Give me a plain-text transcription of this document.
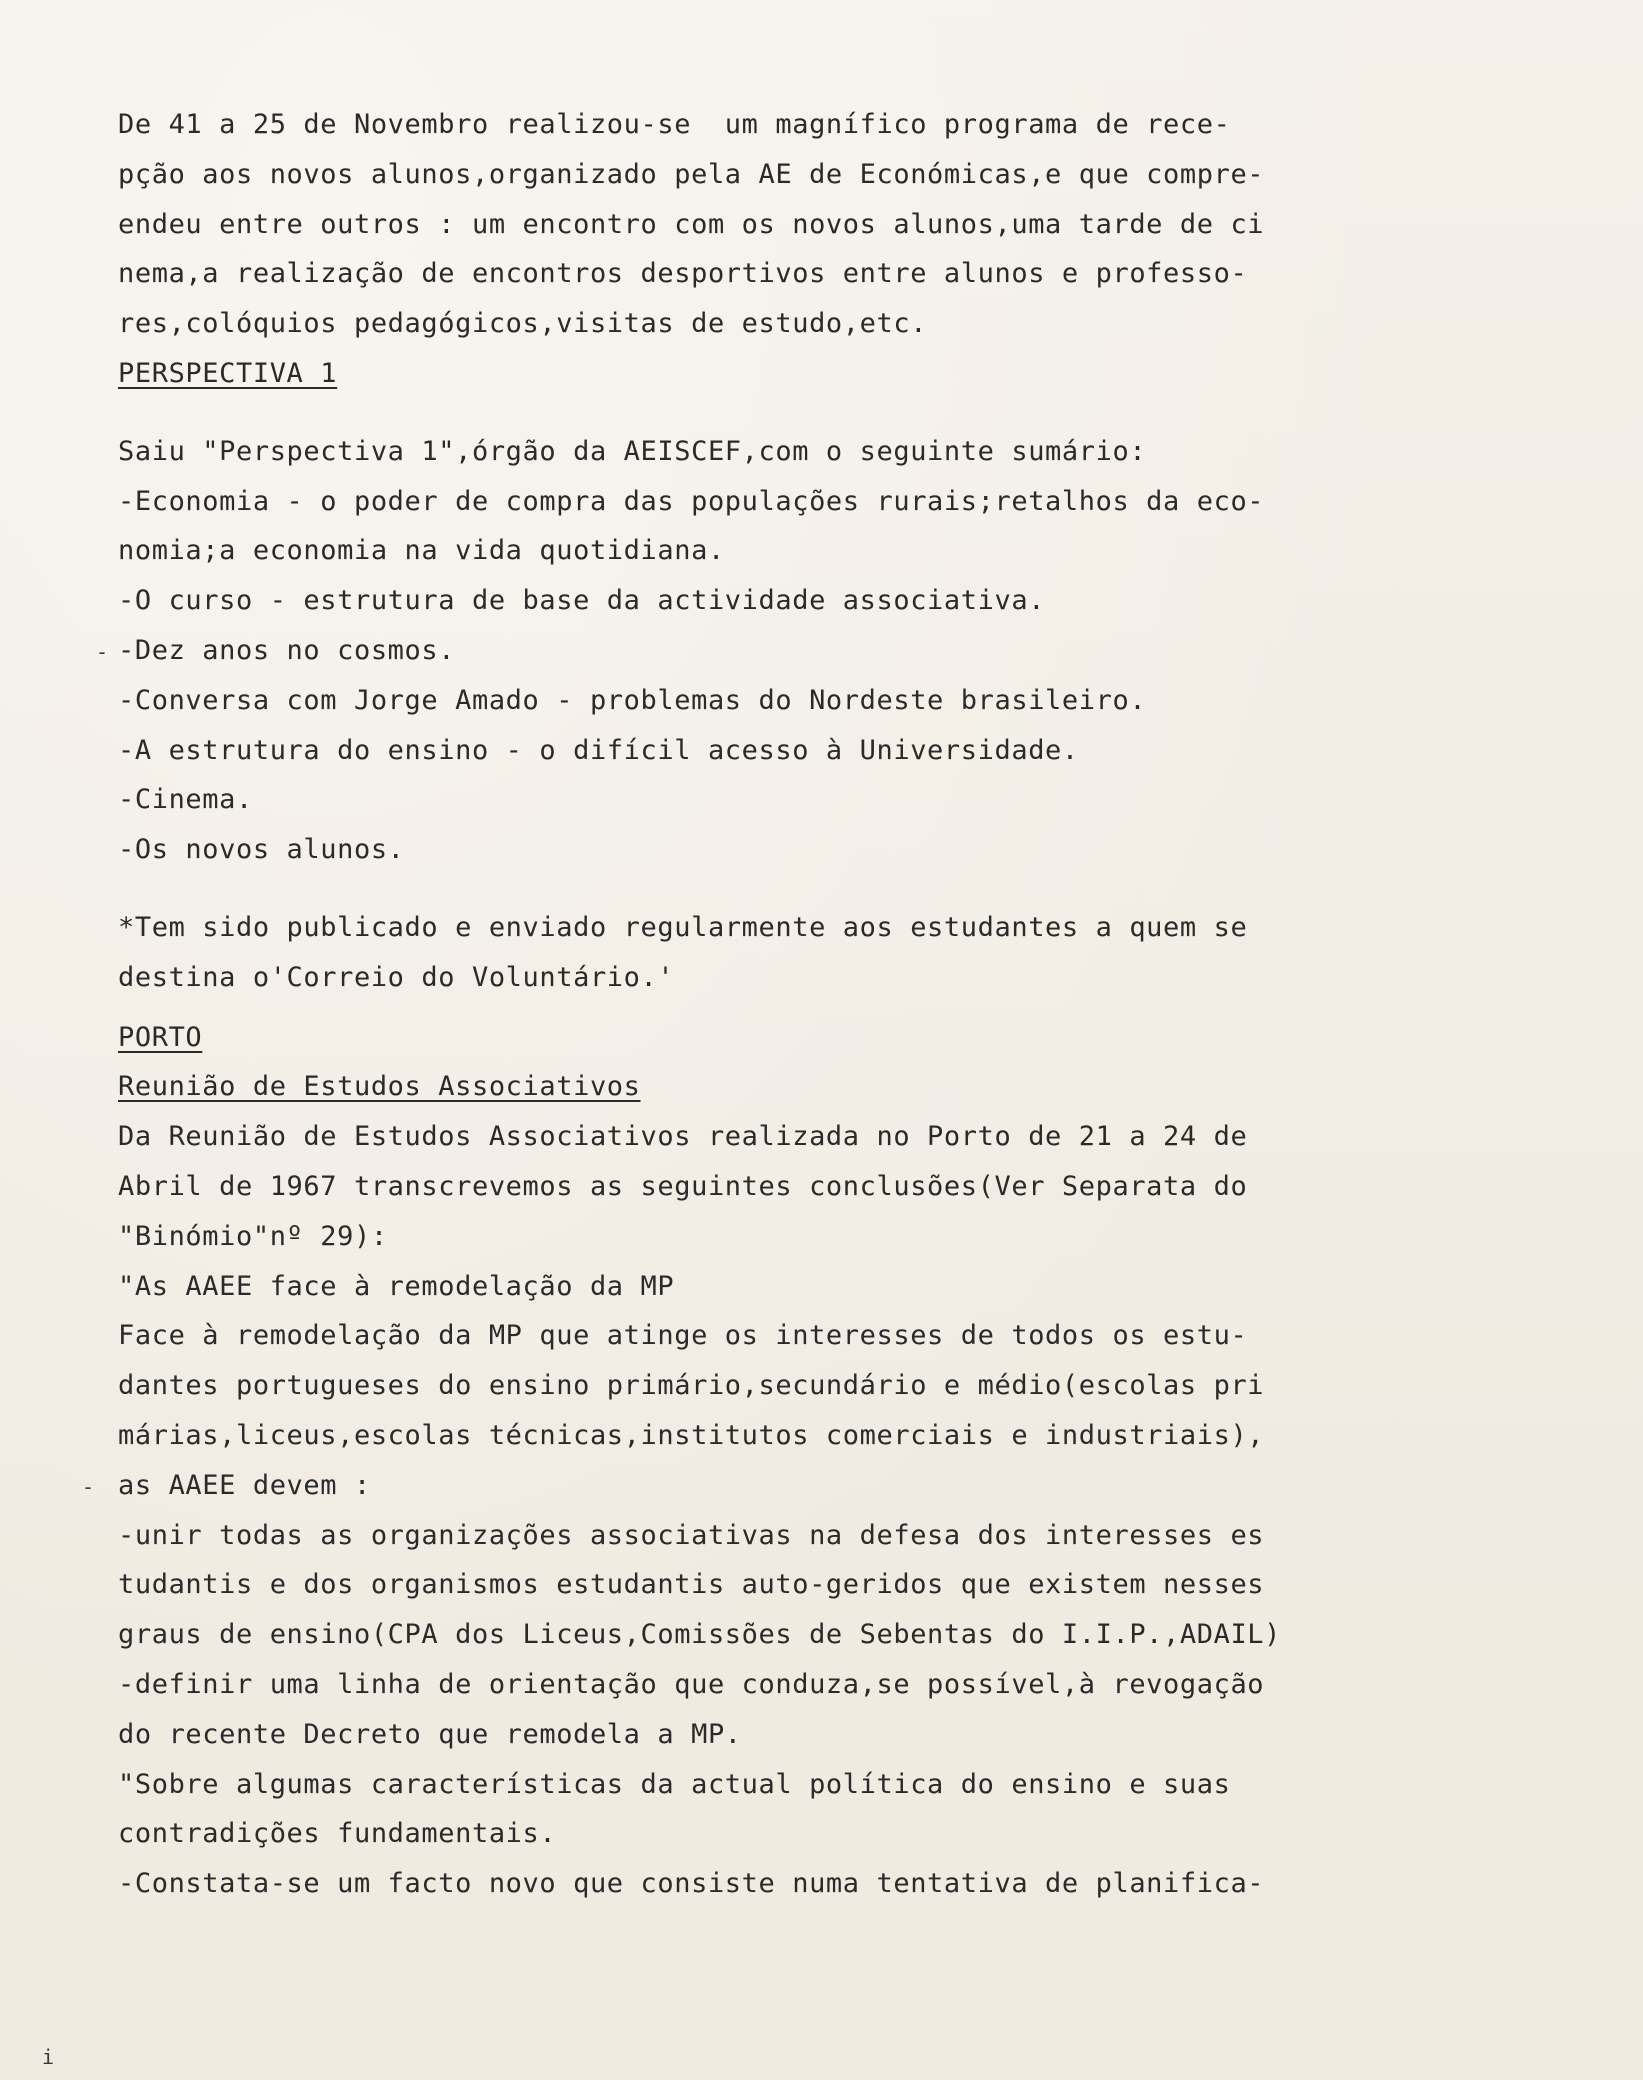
De 41 a 25 de Novembro realizou-se  um magnífico programa de rece-
pção aos novos alunos,organizado pela AE de Económicas,e que compre-
endeu entre outros : um encontro com os novos alunos,uma tarde de ci
nema,a realização de encontros desportivos entre alunos e professo-
res,colóquios pedagógicos,visitas de estudo,etc.
PERSPECTIVA 1
Saiu "Perspectiva 1",órgão da AEISCEF,com o seguinte sumário:
-Economia - o poder de compra das populações rurais;retalhos da eco-
nomia;a economia na vida quotidiana.
-O curso - estrutura de base da actividade associativa.
-Dez anos no cosmos.
-Conversa com Jorge Amado - problemas do Nordeste brasileiro.
-A estrutura do ensino - o difícil acesso à Universidade.
-Cinema.
-Os novos alunos.
*Tem sido publicado e enviado regularmente aos estudantes a quem se
destina o'Correio do Voluntário.'
PORTO
Reunião de Estudos Associativos
Da Reunião de Estudos Associativos realizada no Porto de 21 a 24 de
Abril de 1967 transcrevemos as seguintes conclusões(Ver Separata do
"Binómio"nº 29):
"As AAEE face à remodelação da MP
Face à remodelação da MP que atinge os interesses de todos os estu-
dantes portugueses do ensino primário,secundário e médio(escolas pri
márias,liceus,escolas técnicas,institutos comerciais e industriais),
as AAEE devem :
-unir todas as organizações associativas na defesa dos interesses es
tudantis e dos organismos estudantis auto-geridos que existem nesses
graus de ensino(CPA dos Liceus,Comissões de Sebentas do I.I.P.,ADAIL)
-definir uma linha de orientação que conduza,se possível,à revogação
do recente Decreto que remodela a MP.
"Sobre algumas características da actual política do ensino e suas
contradições fundamentais.
-Constata-se um facto novo que consiste numa tentativa de planifica-
-
-
i
